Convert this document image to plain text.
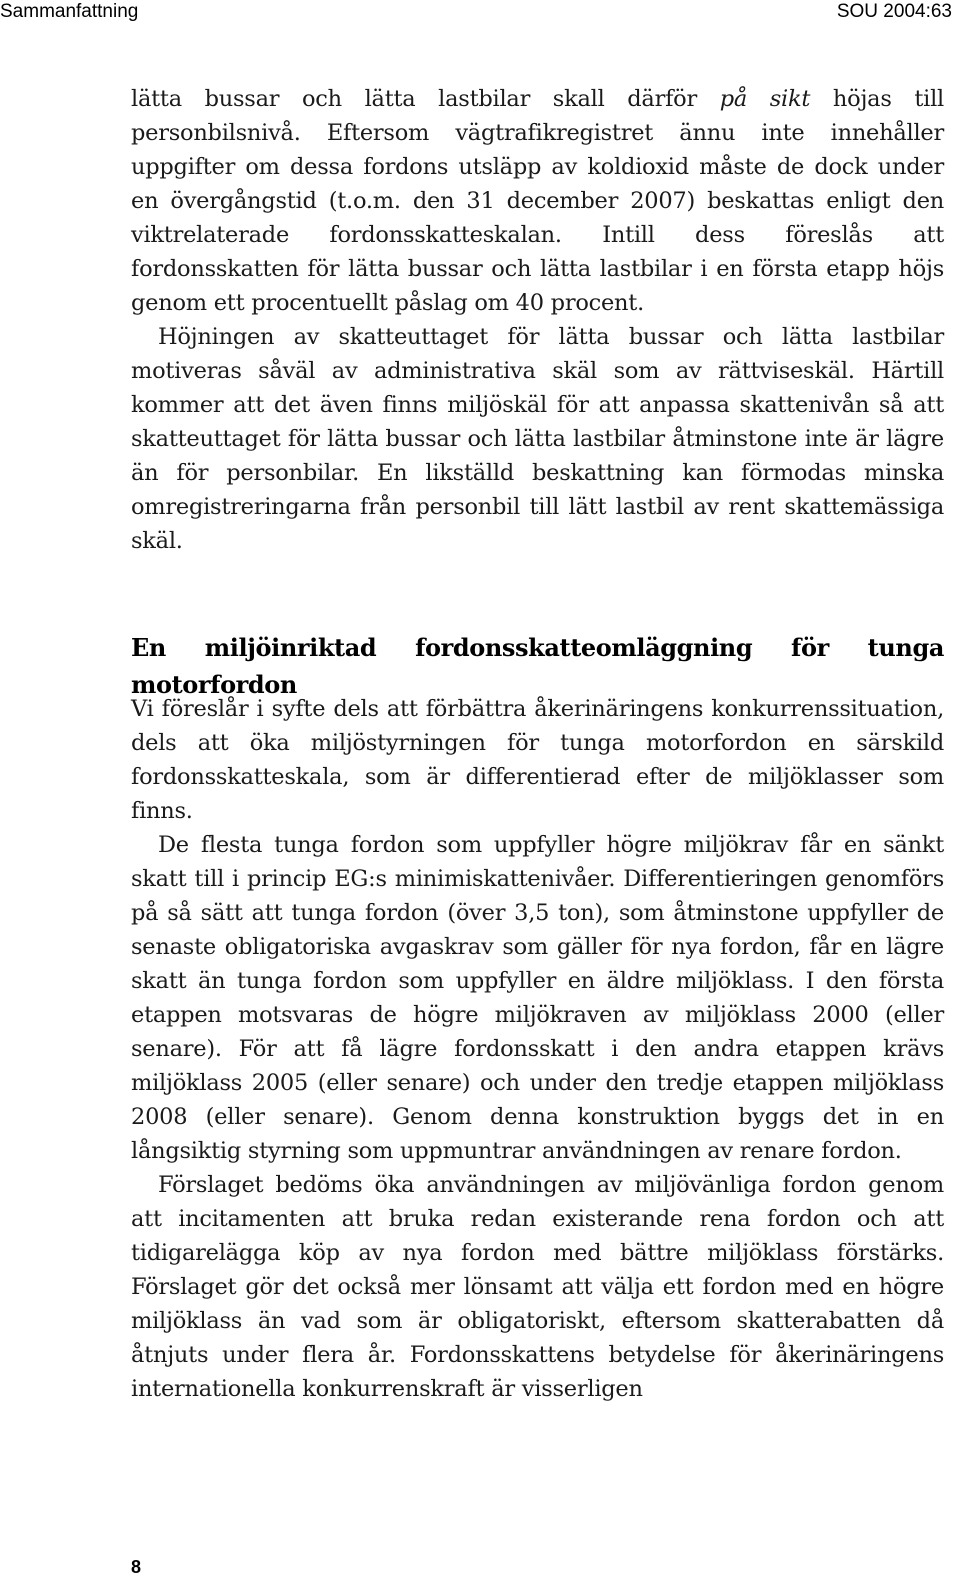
Sammanfattning	SOU 2004:63

lätta bussar och lätta lastbilar skall därför på sikt höjas till personbilsnivå. Eftersom vägtrafikregistret ännu inte innehåller uppgifter om dessa fordons utsläpp av koldioxid måste de dock under en övergångstid (t.o.m. den 31 december 2007) beskattas enligt den viktrelaterade fordonsskatteskalan. Intill dess föreslås att fordonsskatten för lätta bussar och lätta lastbilar i en första etapp höjs genom ett procentuellt påslag om 40 procent.

Höjningen av skatteuttaget för lätta bussar och lätta lastbilar motiveras såväl av administrativa skäl som av rättviseskäl. Härtill kommer att det även finns miljöskäl för att anpassa skattenivån så att skatteuttaget för lätta bussar och lätta lastbilar åtminstone inte är lägre än för personbilar. En likställd beskattning kan förmodas minska omregistreringarna från personbil till lätt lastbil av rent skattemässiga skäl.

En miljöinriktad fordonsskatteomläggning för tunga motorfordon

Vi föreslår i syfte dels att förbättra åkerinäringens konkurrenssituation, dels att öka miljöstyrningen för tunga motorfordon en särskild fordonsskatteskala, som är differentierad efter de miljöklasser som finns.

De flesta tunga fordon som uppfyller högre miljökrav får en sänkt skatt till i princip EG:s minimiskattenivåer. Differentieringen genomförs på så sätt att tunga fordon (över 3,5 ton), som åtminstone uppfyller de senaste obligatoriska avgaskrav som gäller för nya fordon, får en lägre skatt än tunga fordon som uppfyller en äldre miljöklass. I den första etappen motsvaras de högre miljökraven av miljöklass 2000 (eller senare). För att få lägre fordonsskatt i den andra etappen krävs miljöklass 2005 (eller senare) och under den tredje etappen miljöklass 2008 (eller senare). Genom denna konstruktion byggs det in en långsiktig styrning som uppmuntrar användningen av renare fordon.

Förslaget bedöms öka användningen av miljövänliga fordon genom att incitamenten att bruka redan existerande rena fordon och att tidigarelägga köp av nya fordon med bättre miljöklass förstärks. Förslaget gör det också mer lönsamt att välja ett fordon med en högre miljöklass än vad som är obligatoriskt, eftersom skatterabatten då åtnjuts under flera år. Fordonsskattens betydelse för åkerinäringens internationella konkurrenskraft är visserligen

8
